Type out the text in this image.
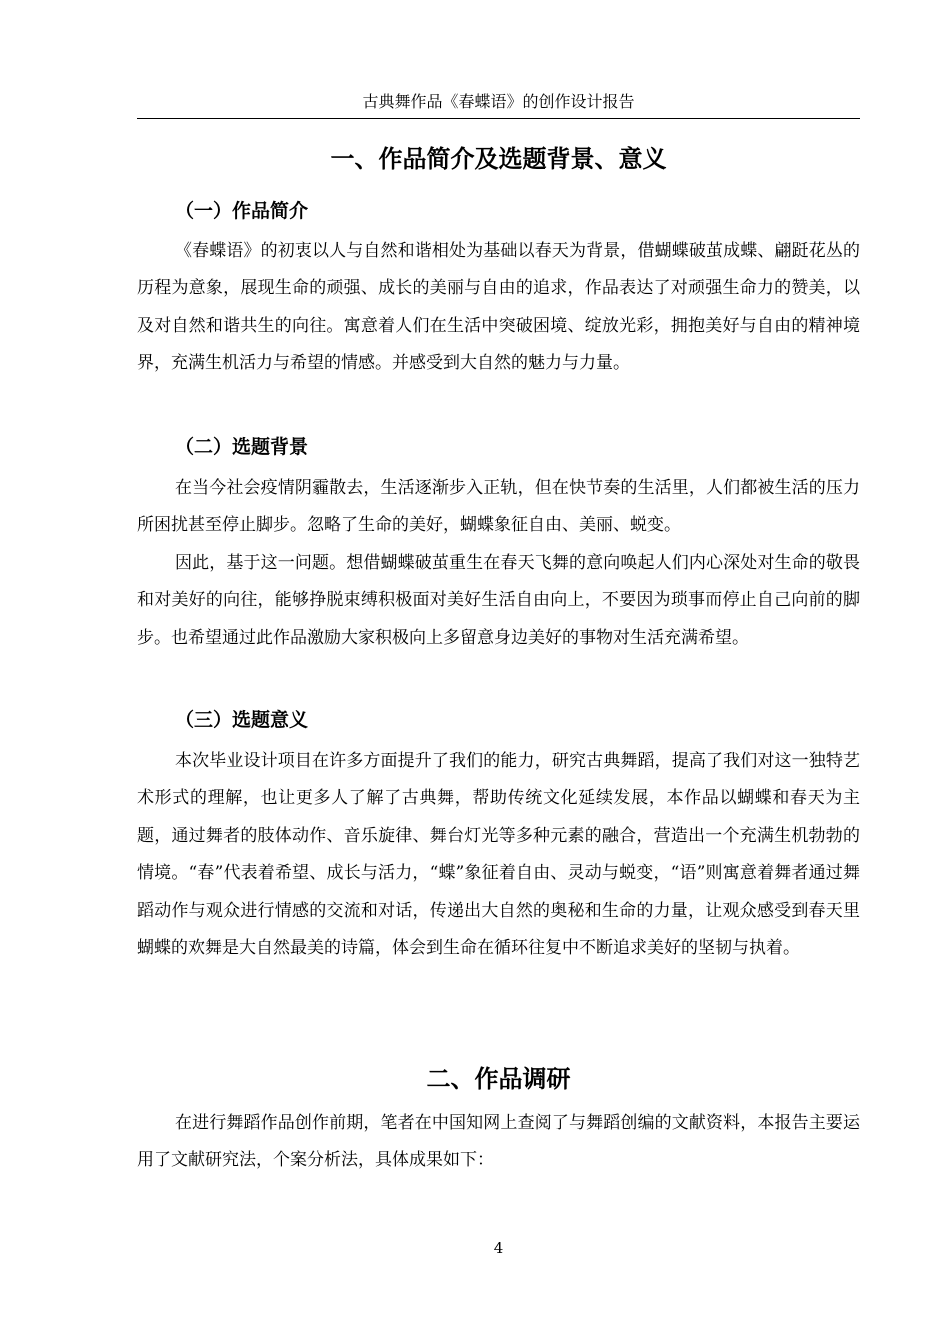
古典舞作品《春蝶语》的创作设计报告
一、作品简介及选题背景、意义
（一）作品简介

《春蝶语》的初衷以人与自然和谐相处为基础以春天为背景，借蝴蝶破茧成蝶、翩跹花丛的历程为意象，展现生命的顽强、成长的美丽与自由的追求，作品表达了对顽强生命力的赞美，以及对自然和谐共生的向往。寓意着人们在生活中突破困境、绽放光彩，拥抱美好与自由的精神境界，充满生机活力与希望的情感。并感受到大自然的魅力与力量。

（二）选题背景

在当今社会疫情阴霾散去，生活逐渐步入正轨，但在快节奏的生活里，人们都被生活的压力所困扰甚至停止脚步。忽略了生命的美好，蝴蝶象征自由、美丽、蜕变。

因此，基于这一问题。想借蝴蝶破茧重生在春天飞舞的意向唤起人们内心深处对生命的敬畏和对美好的向往，能够挣脱束缚积极面对美好生活自由向上，不要因为琐事而停止自己向前的脚步。也希望通过此作品激励大家积极向上多留意身边美好的事物对生活充满希望。

（三）选题意义

本次毕业设计项目在许多方面提升了我们的能力，研究古典舞蹈，提高了我们对这一独特艺术形式的理解，也让更多人了解了古典舞，帮助传统文化延续发展，本作品以蝴蝶和春天为主题，通过舞者的肢体动作、音乐旋律、舞台灯光等多种元素的融合，营造出一个充满生机勃勃的情境。“春”代表着希望、成长与活力，“蝶”象征着自由、灵动与蜕变，“语”则寓意着舞者通过舞蹈动作与观众进行情感的交流和对话，传递出大自然的奥秘和生命的力量，让观众感受到春天里蝴蝶的欢舞是大自然最美的诗篇，体会到生命在循环往复中不断追求美好的坚韧与执着。

二、作品调研

在进行舞蹈作品创作前期，笔者在中国知网上查阅了与舞蹈创编的文献资料，本报告主要运用了文献研究法，个案分析法，具体成果如下：

4
